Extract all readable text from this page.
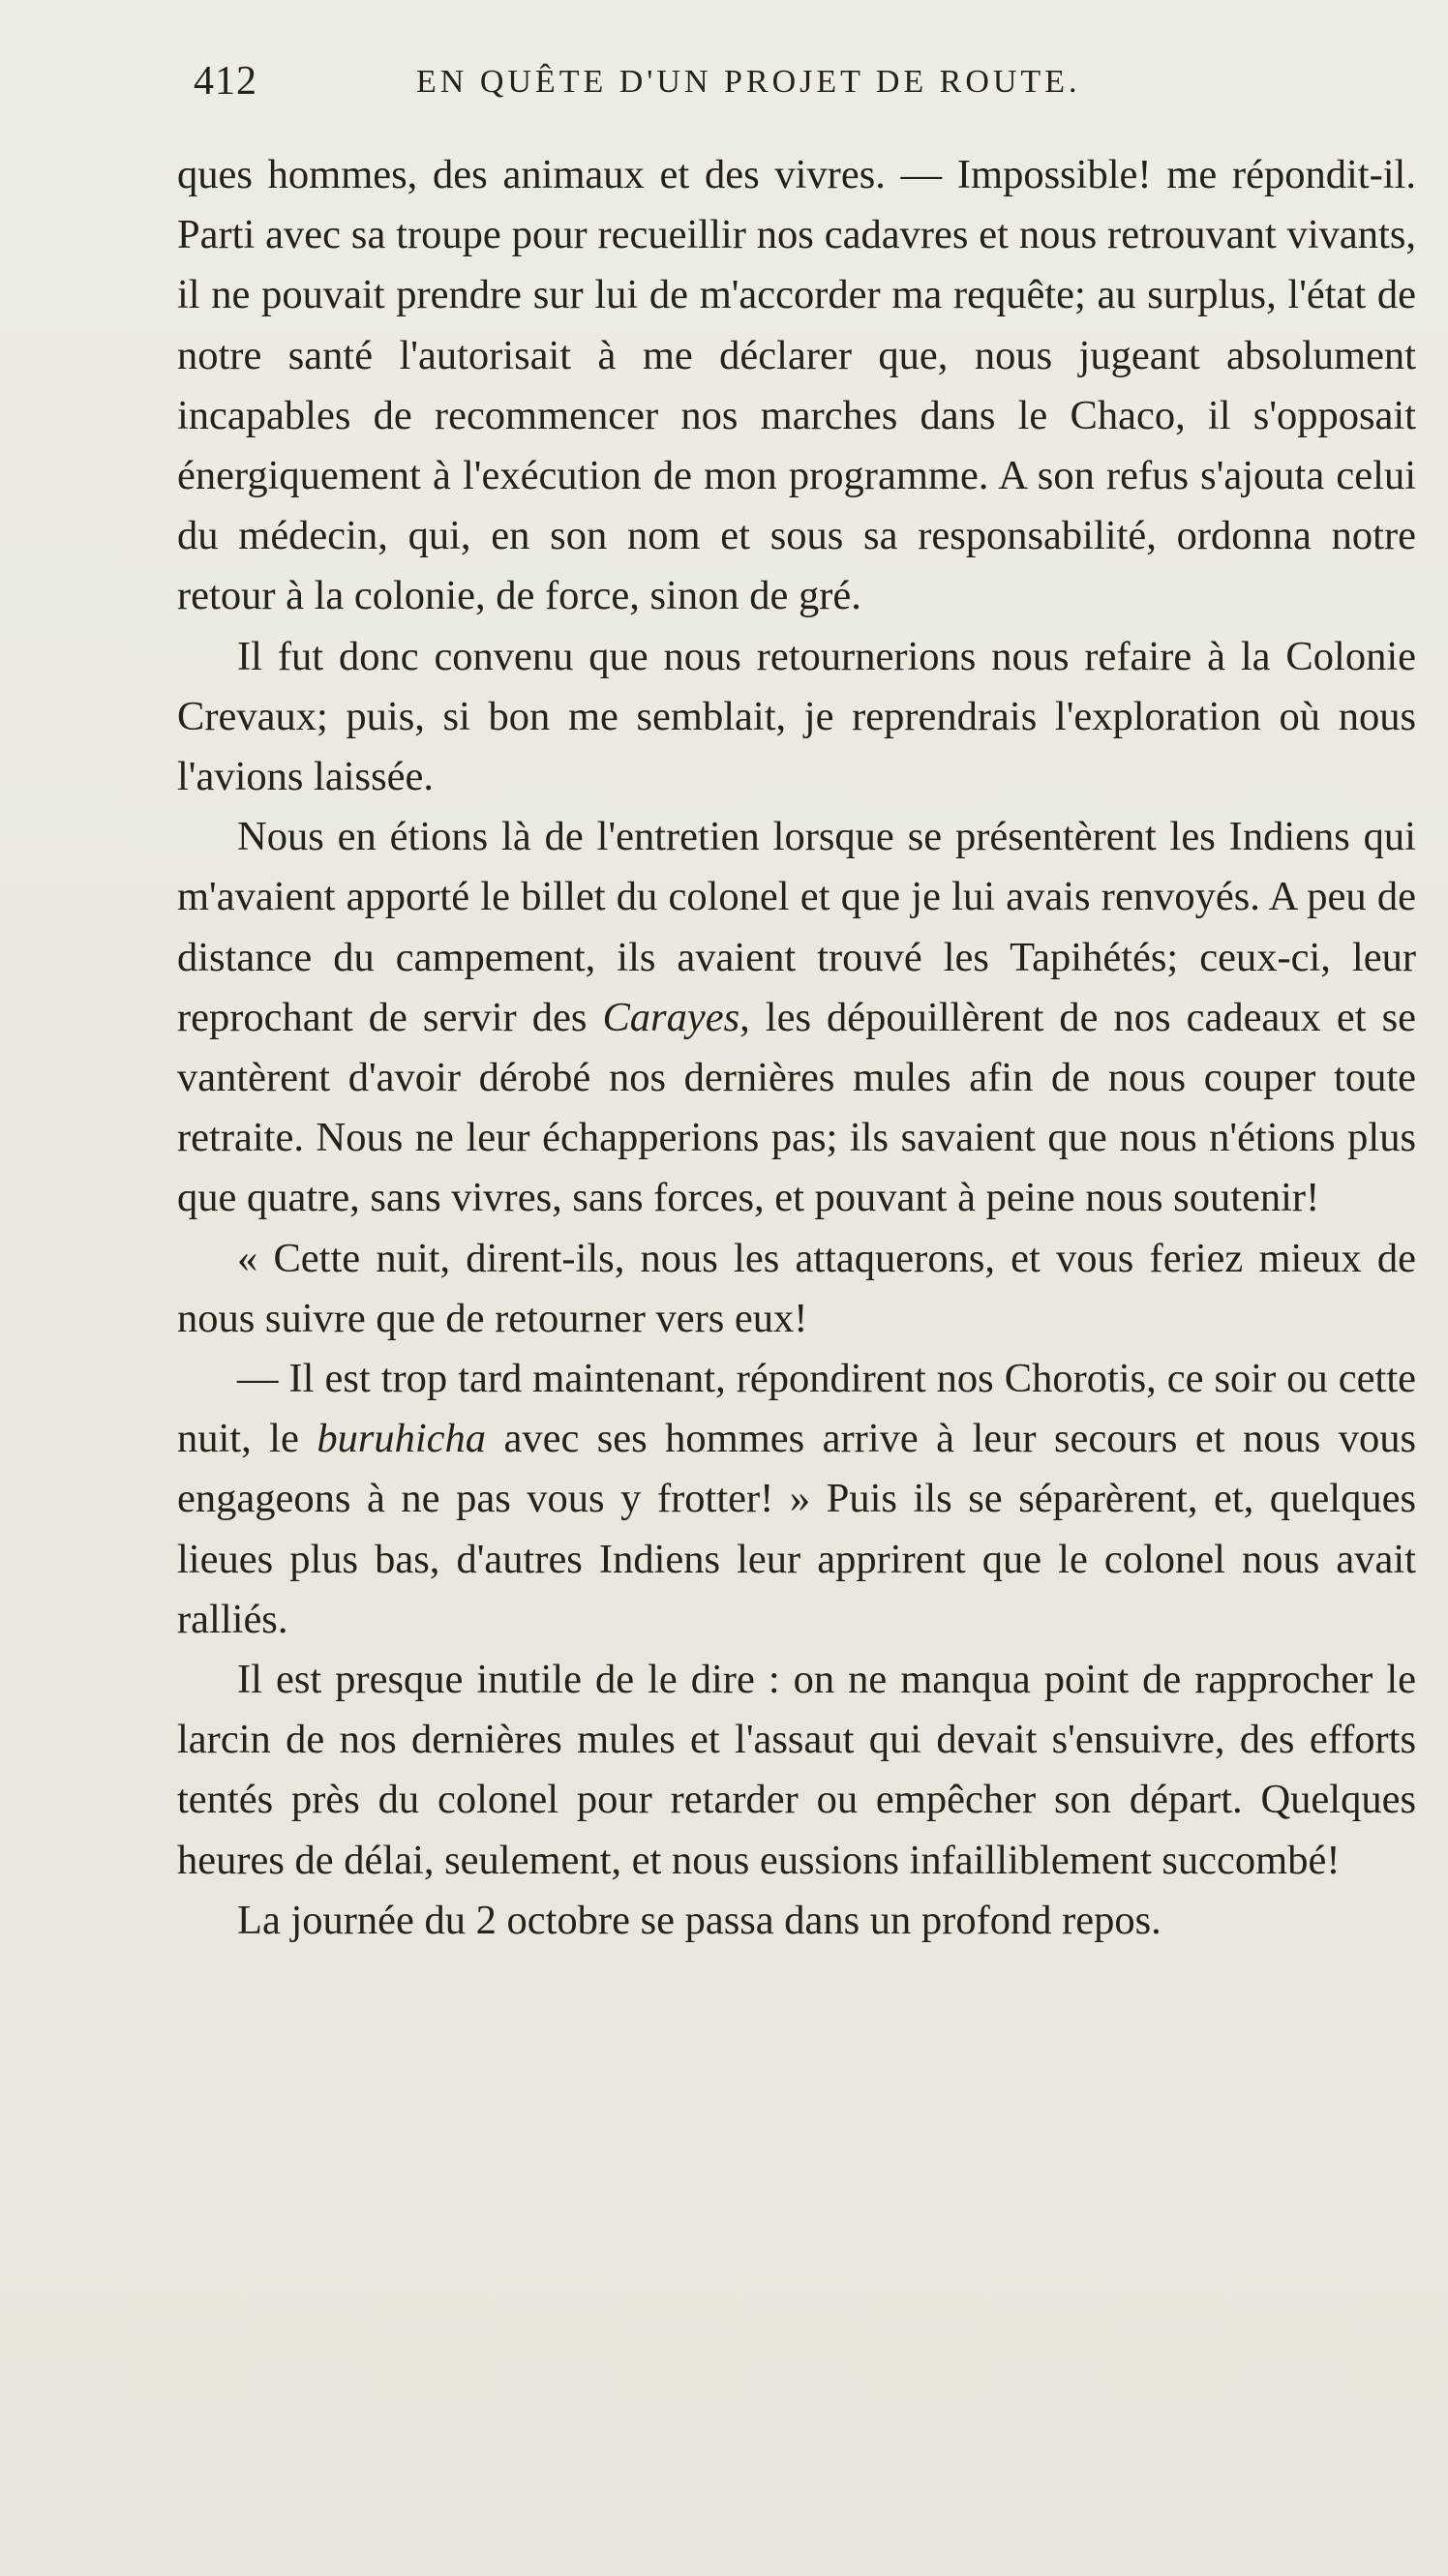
412	EN QUÊTE D'UN PROJET DE ROUTE.

ques hommes, des animaux et des vivres. — Impossible! me répondit-il. Parti avec sa troupe pour recueillir nos cadavres et nous retrouvant vivants, il ne pouvait prendre sur lui de m'accorder ma requête; au surplus, l'état de notre santé l'autorisait à me déclarer que, nous jugeant absolument incapables de recommencer nos marches dans le Chaco, il s'opposait énergiquement à l'exécution de mon programme. A son refus s'ajouta celui du médecin, qui, en son nom et sous sa responsabilité, ordonna notre retour à la colonie, de force, sinon de gré.

Il fut donc convenu que nous retournerions nous refaire à la Colonie Crevaux; puis, si bon me semblait, je reprendrais l'exploration où nous l'avions laissée.

Nous en étions là de l'entretien lorsque se présentèrent les Indiens qui m'avaient apporté le billet du colonel et que je lui avais renvoyés. A peu de distance du campement, ils avaient trouvé les Tapihétés; ceux-ci, leur reprochant de servir des Carayes, les dépouillèrent de nos cadeaux et se vantèrent d'avoir dérobé nos dernières mules afin de nous couper toute retraite. Nous ne leur échapperions pas; ils savaient que nous n'étions plus que quatre, sans vivres, sans forces, et pouvant à peine nous soutenir!

« Cette nuit, dirent-ils, nous les attaquerons, et vous feriez mieux de nous suivre que de retourner vers eux!

— Il est trop tard maintenant, répondirent nos Chorotis, ce soir ou cette nuit, le buruhicha avec ses hommes arrive à leur secours et nous vous engageons à ne pas vous y frotter! » Puis ils se séparèrent, et, quelques lieues plus bas, d'autres Indiens leur apprirent que le colonel nous avait ralliés.

Il est presque inutile de le dire : on ne manqua point de rapprocher le larcin de nos dernières mules et l'assaut qui devait s'ensuivre, des efforts tentés près du colonel pour retarder ou empêcher son départ. Quelques heures de délai, seulement, et nous eussions infailliblement succombé!

La journée du 2 octobre se passa dans un profond repos.
